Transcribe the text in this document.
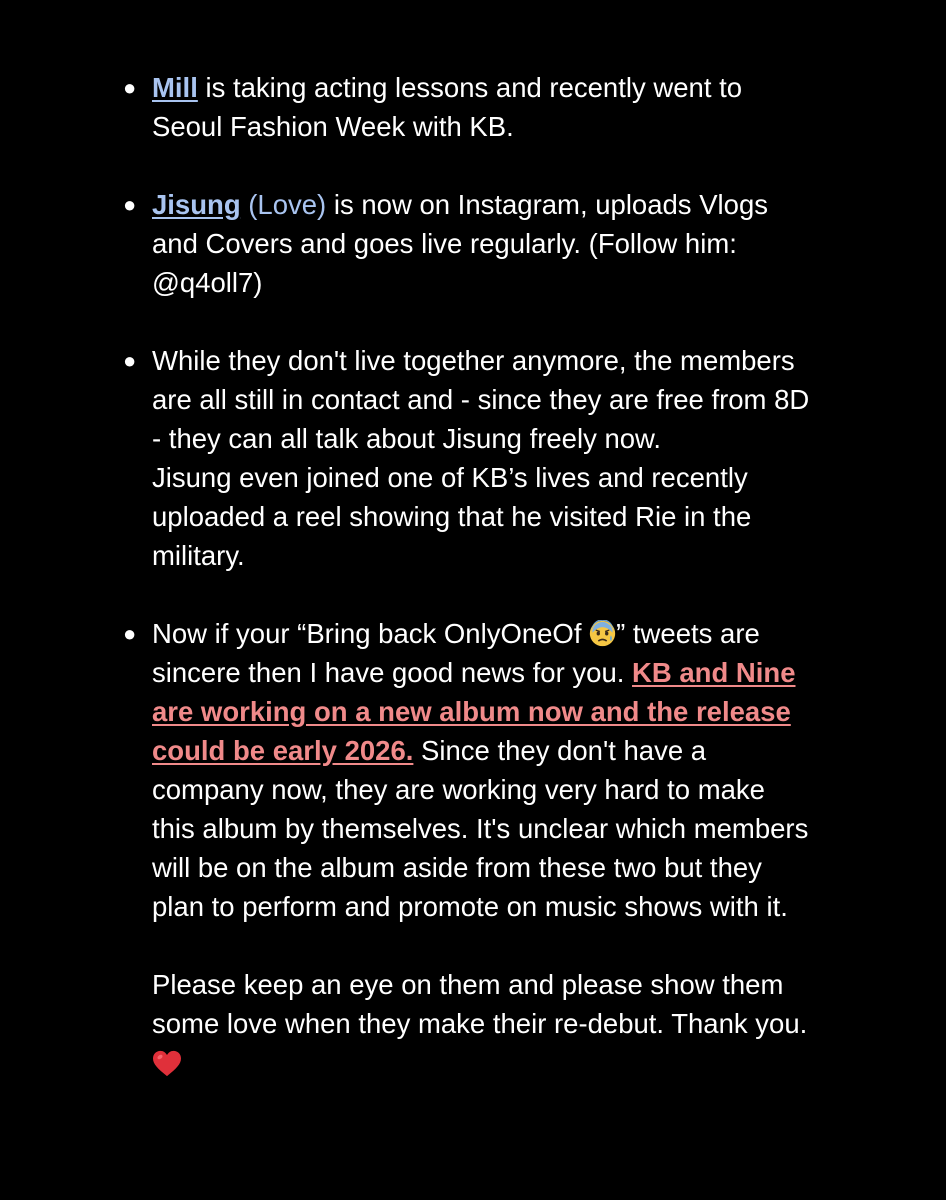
● Mill is taking acting lessons and recently went to
Seoul Fashion Week with KB.
● Jisung (Love) is now on Instagram, uploads Vlogs
and Covers and goes live regularly. (Follow him:
@q4oll7)
● While they don't live together anymore, the members
are all still in contact and - since they are free from 8D
- they can all talk about Jisung freely now.
Jisung even joined one of KB’s lives and recently
uploaded a reel showing that he visited Rie in the
military.
● Now if your “Bring back OnlyOneOf ” tweets are
sincere then I have good news for you. KB and Nine
are working on a new album now and the release
could be early 2026. Since they don't have a
company now, they are working very hard to make
this album by themselves. It's unclear which members
will be on the album aside from these two but they
plan to perform and promote on music shows with it.
Please keep an eye on them and please show them
some love when they make their re-debut. Thank you.
